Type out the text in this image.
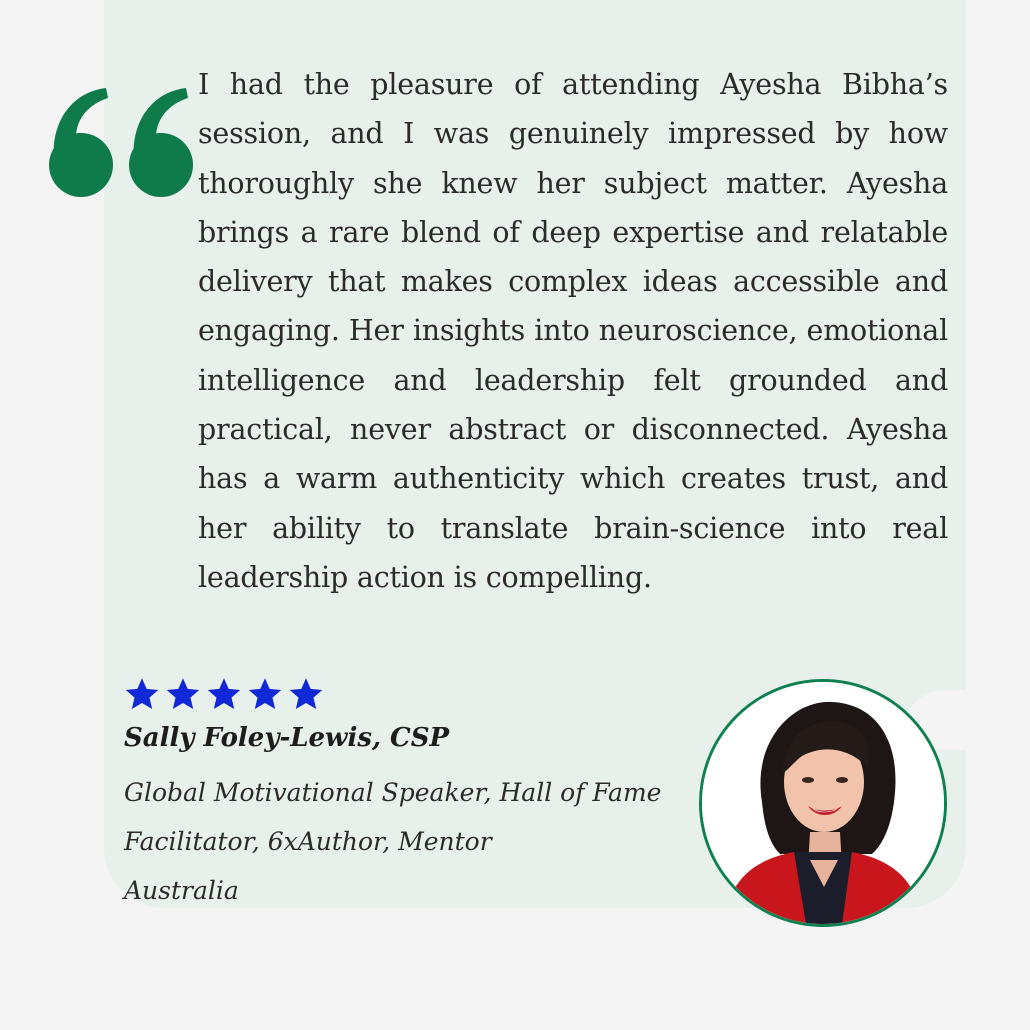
I had the pleasure of attending Ayesha Bibha’s session, and I was genuinely impressed by how thoroughly she knew her subject matter. Ayesha brings a rare blend of deep expertise and relatable delivery that makes complex ideas accessible and engaging. Her insights into neuroscience, emotional intelligence and leadership felt grounded and practical, never abstract or disconnected. Ayesha has a warm authenticity which creates trust, and her ability to translate brain-science into real leadership action is compelling.

Sally Foley-Lewis, CSP

Global Motivational Speaker, Hall of Fame
Facilitator, 6xAuthor, Mentor
Australia
